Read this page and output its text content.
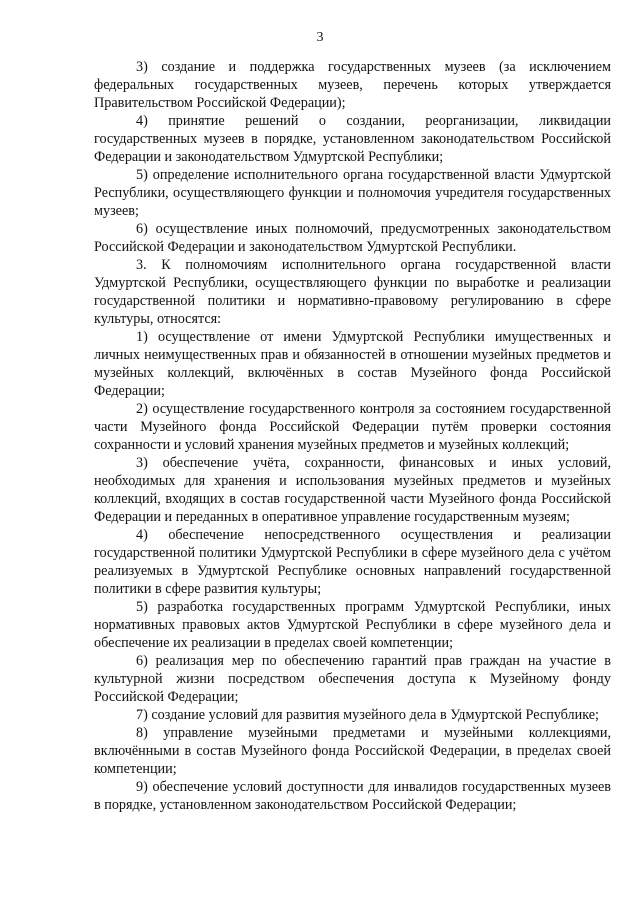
3

3) создание и поддержка государственных музеев (за исключением федеральных государственных музеев, перечень которых утверждается Правительством Российской Федерации);

4) принятие решений о создании, реорганизации, ликвидации государственных музеев в порядке, установленном законодательством Российской Федерации и законодательством Удмуртской Республики;

5) определение исполнительного органа государственной власти Удмуртской Республики, осуществляющего функции и полномочия учредителя государственных музеев;

6) осуществление иных полномочий, предусмотренных законодательством Российской Федерации и законодательством Удмуртской Республики.

3. К полномочиям исполнительного органа государственной власти Удмуртской Республики, осуществляющего функции по выработке и реализации государственной политики и нормативно-правовому регулированию в сфере культуры, относятся:

1) осуществление от имени Удмуртской Республики имущественных и личных неимущественных прав и обязанностей в отношении музейных предметов и музейных коллекций, включённых в состав Музейного фонда Российской Федерации;

2) осуществление государственного контроля за состоянием государственной части Музейного фонда Российской Федерации путём проверки состояния сохранности и условий хранения музейных предметов и музейных коллекций;

3) обеспечение учёта, сохранности, финансовых и иных условий, необходимых для хранения и использования музейных предметов и музейных коллекций, входящих в состав государственной части Музейного фонда Российской Федерации и переданных в оперативное управление государственным музеям;

4) обеспечение непосредственного осуществления и реализации государственной политики Удмуртской Республики в сфере музейного дела с учётом реализуемых в Удмуртской Республике основных направлений государственной политики в сфере развития культуры;

5) разработка государственных программ Удмуртской Республики, иных нормативных правовых актов Удмуртской Республики в сфере музейного дела и обеспечение их реализации в пределах своей компетенции;

6) реализация мер по обеспечению гарантий прав граждан на участие в культурной жизни посредством обеспечения доступа к Музейному фонду Российской Федерации;

7) создание условий для развития музейного дела в Удмуртской Республике;

8) управление музейными предметами и музейными коллекциями, включёнными в состав Музейного фонда Российской Федерации, в пределах своей компетенции;

9) обеспечение условий доступности для инвалидов государственных музеев в порядке, установленном законодательством Российской Федерации;
